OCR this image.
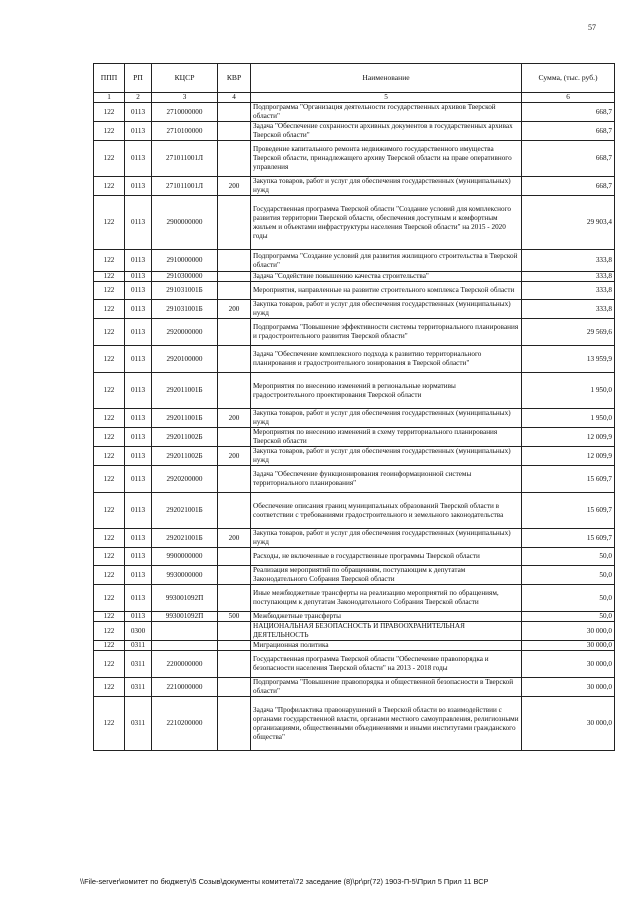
57
ППП	РП	КЦСР	КВР	Наименование	Сумма, (тыс. руб.)
1	2	3	4	5	6
122	0113	2710000000		Подпрограмма "Организация деятельности государственных архивов Тверской области"	668,7
122	0113	2710100000		Задача "Обеспечение сохранности архивных документов в государственных архивах Тверской области"	668,7
122	0113	271011001Л		Проведение капитального ремонта недвижимого государственного имущества Тверской области, принадлежащего архиву Тверской области на праве оперативного управления	668,7
122	0113	271011001Л	200	Закупка товаров, работ и услуг для обеспечения государственных (муниципальных) нужд	668,7
122	0113	2900000000		Государственная программа Тверской области "Создание условий для комплексного развития территории Тверской области, обеспечения доступным и комфортным жильем и объектами инфраструктуры населения Тверской области" на 2015 - 2020 годы	29 903,4
122	0113	2910000000		Подпрограмма "Создание условий для развития жилищного строительства в Тверской области"	333,8
122	0113	2910300000		Задача "Содействие повышению качества строительства"	333,8
122	0113	291031001Б		Мероприятия, направленные на развитие строительного комплекса Тверской области	333,8
122	0113	291031001Б	200	Закупка товаров, работ и услуг для обеспечения государственных (муниципальных) нужд	333,8
122	0113	2920000000		Подпрограмма "Повышение эффективности системы территориального планирования и градостроительного развития Тверской области"	29 569,6
122	0113	2920100000		Задача "Обеспечение комплексного подхода к развитию территориального планирования и градостроительного зонирования в Тверской области"	13 959,9
122	0113	292011001Б		Мероприятия по внесению изменений в региональные нормативы градостроительного проектирования Тверской области	1 950,0
122	0113	292011001Б	200	Закупка товаров, работ и услуг для обеспечения государственных (муниципальных) нужд	1 950,0
122	0113	292011002Б		Мероприятия по внесению изменений в схему территориального планирования Тверской области	12 009,9
122	0113	292011002Б	200	Закупка товаров, работ и услуг для обеспечения государственных (муниципальных) нужд	12 009,9
122	0113	2920200000		Задача "Обеспечение функционирования геоинформационной системы территориального планирования"	15 609,7
122	0113	292021001Б		Обеспечение описания границ муниципальных образований Тверской области в соответствии с требованиями градостроительного и земельного законодательства	15 609,7
122	0113	292021001Б	200	Закупка товаров, работ и услуг для обеспечения государственных (муниципальных) нужд	15 609,7
122	0113	9900000000		Расходы, не включенные в государственные программы Тверской области	50,0
122	0113	9930000000		Реализация мероприятий по обращениям, поступающим к депутатам Законодательного Собрания Тверской области	50,0
122	0113	993001092П		Иные межбюджетные трансферты на реализацию мероприятий по обращениям, поступающим к депутатам Законодательного Собрания Тверской области	50,0
122	0113	993001092П	500	Межбюджетные трансферты	50,0
122	0300			НАЦИОНАЛЬНАЯ БЕЗОПАСНОСТЬ И ПРАВООХРАНИТЕЛЬНАЯ ДЕЯТЕЛЬНОСТЬ	30 000,0
122	0311			Миграционная политика	30 000,0
122	0311	2200000000		Государственная программа Тверской области "Обеспечение правопорядка и безопасности населения Тверской области" на 2013 - 2018 годы	30 000,0
122	0311	2210000000		Подпрограмма "Повышение правопорядка и общественной безопасности в Тверской области"	30 000,0
122	0311	2210200000		Задача "Профилактика правонарушений в Тверской области во взаимодействии с органами государственной власти, органами местного самоуправления, религиозными организациями, общественными объединениями и иными институтами гражданского общества"	30 000,0
\\File-server\комитет по бюджету\5 Созыв\документы комитета\72 заседание (8)\рr\рr(72) 1903-П-5\Прил 5 Прил 11 ВСР
